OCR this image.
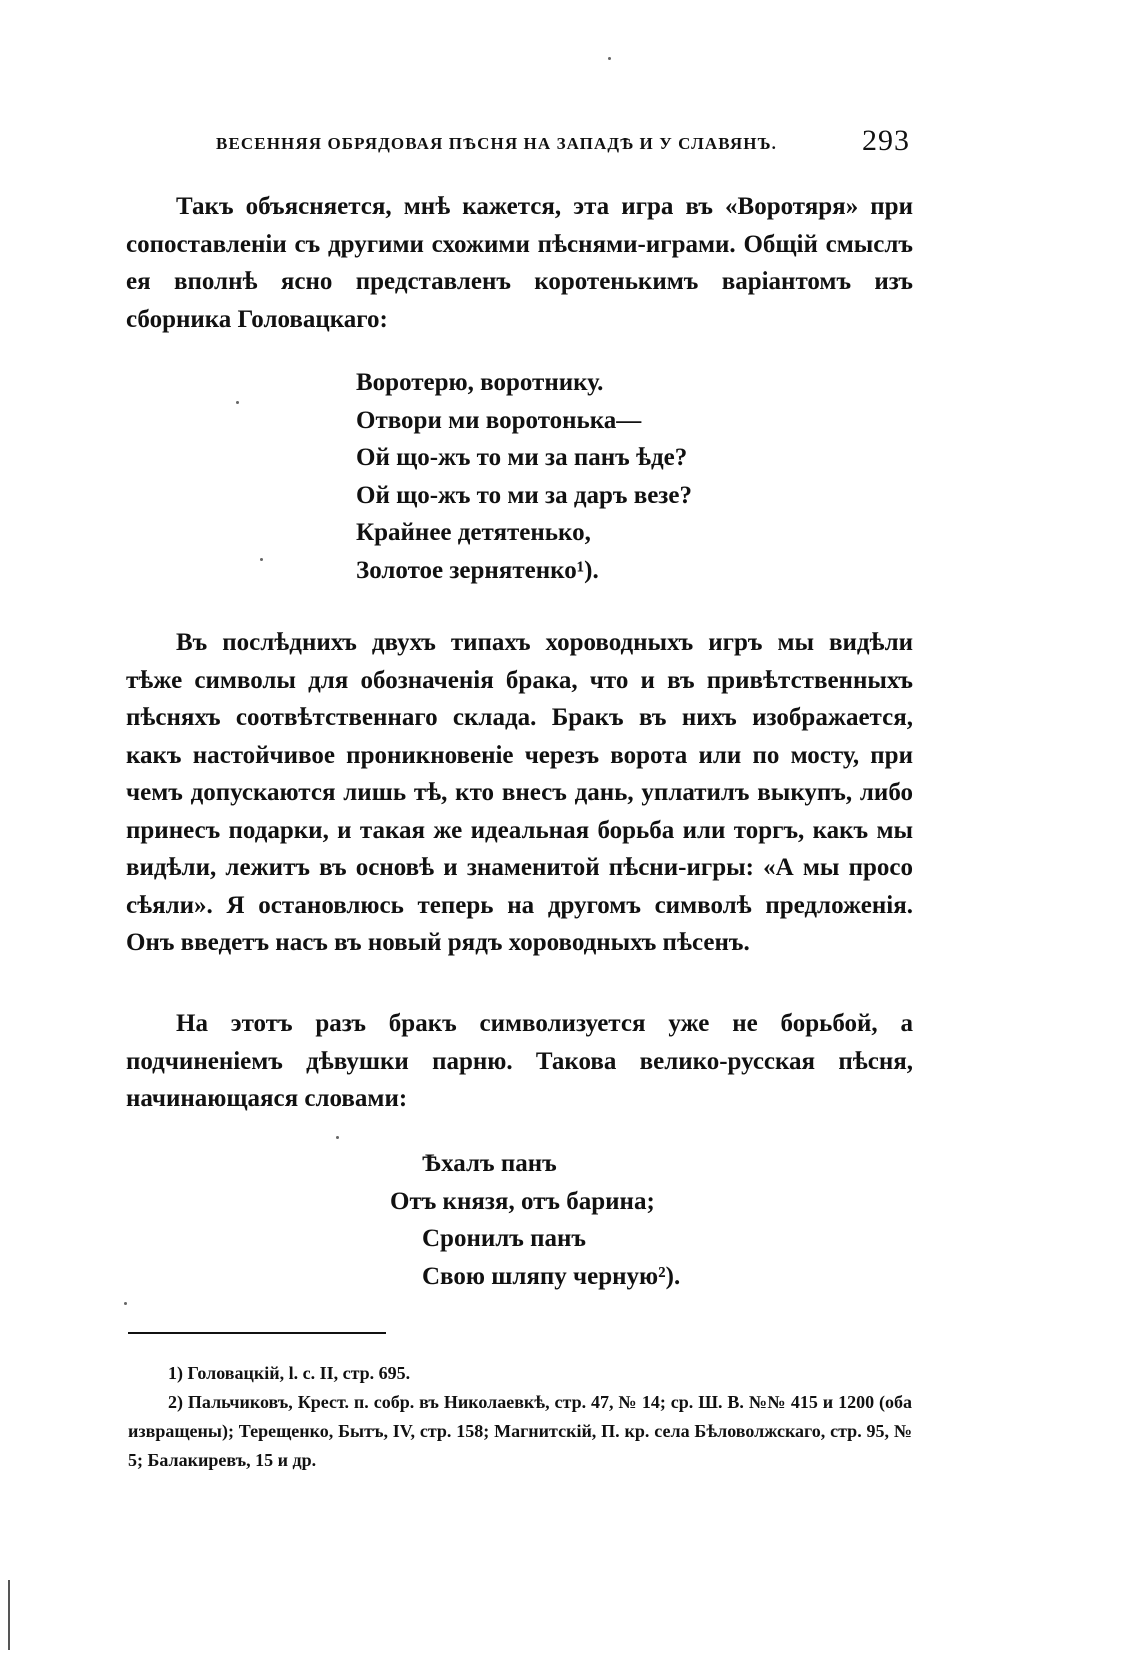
ВЕСЕННЯЯ ОБРЯДОВАЯ ПѢСНЯ НА ЗАПАДѢ И У СЛАВЯНЪ.	293

Такъ объясняется, мнѣ кажется, эта игра въ «Воротяря» при сопоставленіи съ другими схожими пѣснями-играми. Общій смыслъ ея вполнѣ ясно представленъ коротенькимъ варіантомъ изъ сборника Головацкаго:

Воротерю, воротнику.
Отвори ми воротонька—
Ой що-жъ то ми за панъ ѣде?
Ой що-жъ то ми за даръ везе?
Крайнее детятенько,
Золотое зернятенко¹).

Въ послѣднихъ двухъ типахъ хороводныхъ игръ мы видѣли тѣже символы для обозначенія брака, что и въ привѣтственныхъ пѣсняхъ соотвѣтственнаго склада. Бракъ въ нихъ изображается, какъ настойчивое проникновеніе черезъ ворота или по мосту, при чемъ допускаются лишь тѣ, кто внесъ дань, уплатилъ выкупъ, либо принесъ подарки, и такая же идеальная борьба или торгъ, какъ мы видѣли, лежитъ въ основѣ и знаменитой пѣсни-игры: «А мы просо сѣяли». Я остановлюсь теперь на другомъ символѣ предложенія. Онъ введетъ насъ въ новый рядъ хороводныхъ пѣсенъ.

На этотъ разъ бракъ символизуется уже не борьбой, а подчиненіемъ дѣвушки парню. Такова велико-русская пѣсня, начинающаяся словами:

Ѣхалъ панъ
Отъ князя, отъ барина;
Сронилъ панъ
Свою шляпу черную²).

1) Головацкій, l. c. II, стр. 695.

2) Пальчиковъ, Крест. п. собр. въ Николаевкѣ, стр. 47, № 14; ср. Ш. В. №№ 415 и 1200 (оба извращены); Терещенко, Бытъ, IV, стр. 158; Магнитскій, П. кр. села Бѣловолжскаго, стр. 95, № 5; Балакиревъ, 15 и др.
